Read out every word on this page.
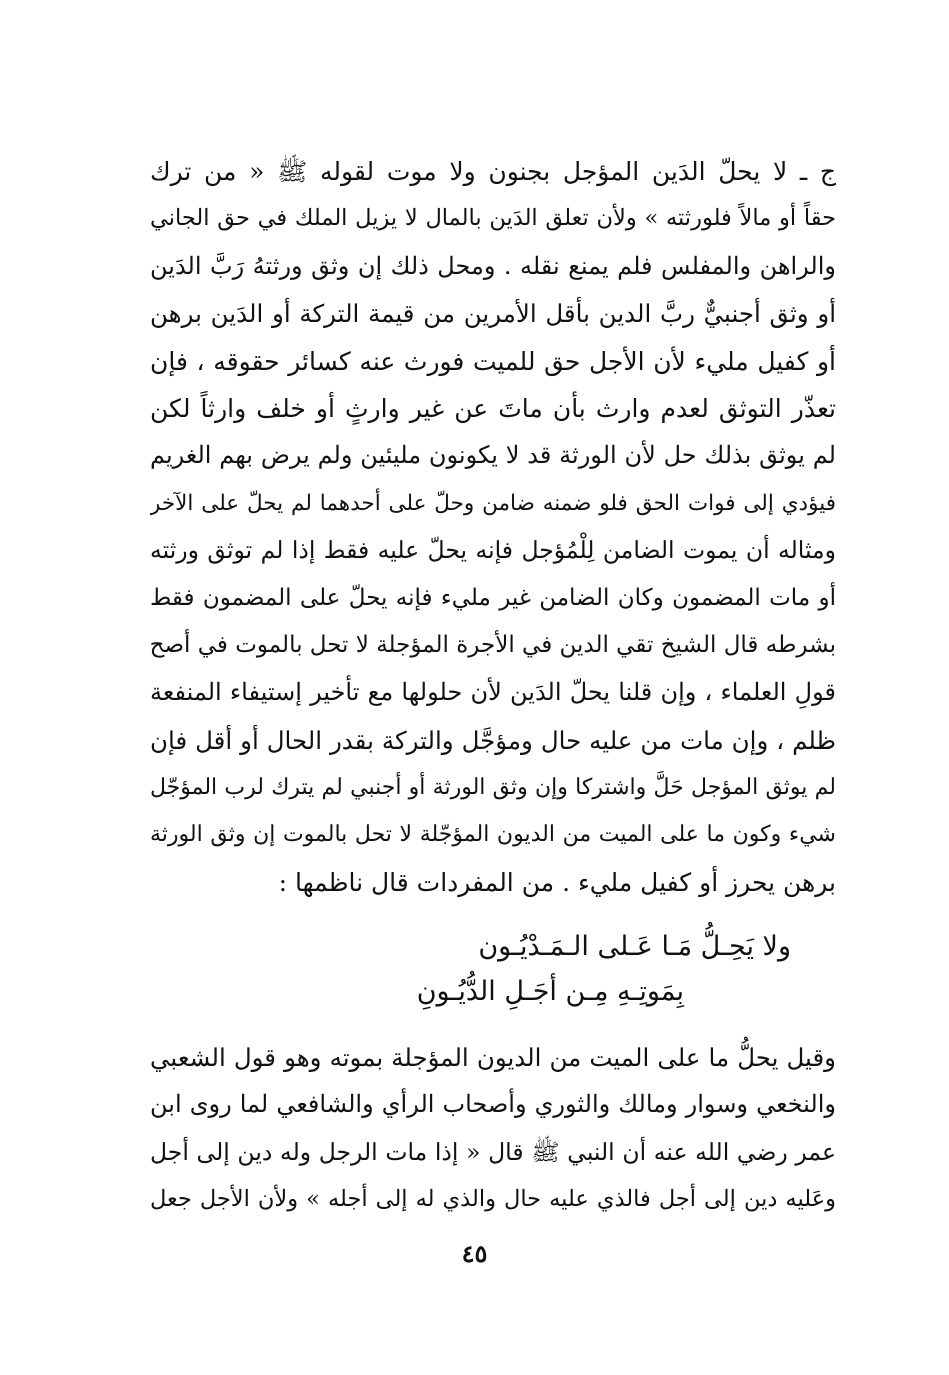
ج ـ لا يحلّ الدَين المؤجل بجنون ولا موت لقوله ﷺ « من ترك
حقاً أو مالاً فلورثته » ولأن تعلق الدَين بالمال لا يزيل الملك في حق الجاني
والراهن والمفلس فلم يمنع نقله . ومحل ذلك إن وثق ورثتهُ رَبَّ الدَين
أو وثق أجنبيٌّ ربَّ الدين بأقل الأمرين من قيمة التركة أو الدَين برهن
أو كفيل مليء لأن الأجل حق للميت فورث عنه كسائر حقوقه ، فإن
تعذّر التوثق لعدم وارث بأن ماتَ عن غير وارثٍ أو خلف وارثاً لكن
لم يوثق بذلك حل لأن الورثة قد لا يكونون مليئين ولم يرض بهم الغريم
فيؤدي إلى فوات الحق فلو ضمنه ضامن وحلّ على أحدهما لم يحلّ على الآخر
ومثاله أن يموت الضامن لِلْمُؤجل فإنه يحلّ عليه فقط إذا لم توثق ورثته
أو مات المضمون وكان الضامن غير مليء فإنه يحلّ على المضمون فقط
بشرطه قال الشيخ تقي الدين في الأجرة المؤجلة لا تحل بالموت في أصح
قولِ العلماء ، وإن قلنا يحلّ الدَين لأن حلولها مع تأخير إستيفاء المنفعة
ظلم ، وإن مات من عليه حال ومؤجَّل والتركة بقدر الحال أو أقل فإن
لم يوثق المؤجل حَلَّ واشتركا وإن وثق الورثة أو أجنبي لم يترك لرب المؤجّل
شيء وكون ما على الميت من الديون المؤجّلة لا تحل بالموت إن وثق الورثة
برهن يحرز أو كفيل مليء . من المفردات قال ناظمها :
ولا يَحِـلُّ مَـا عَـلى الـمَـدْيُـون
بِمَوتِـهِ مِـن أجَـلِ الدُّيُـونِ
وقيل يحلُّ ما على الميت من الديون المؤجلة بموته وهو قول الشعبي
والنخعي وسوار ومالك والثوري وأصحاب الرأي والشافعي لما روى ابن
عمر رضي الله عنه أن النبي ﷺ قال « إذا مات الرجل وله دين إلى أجل
وعَليه دين إلى أجل فالذي عليه حال والذي له إلى أجله » ولأن الأجل جعل
٤٥
